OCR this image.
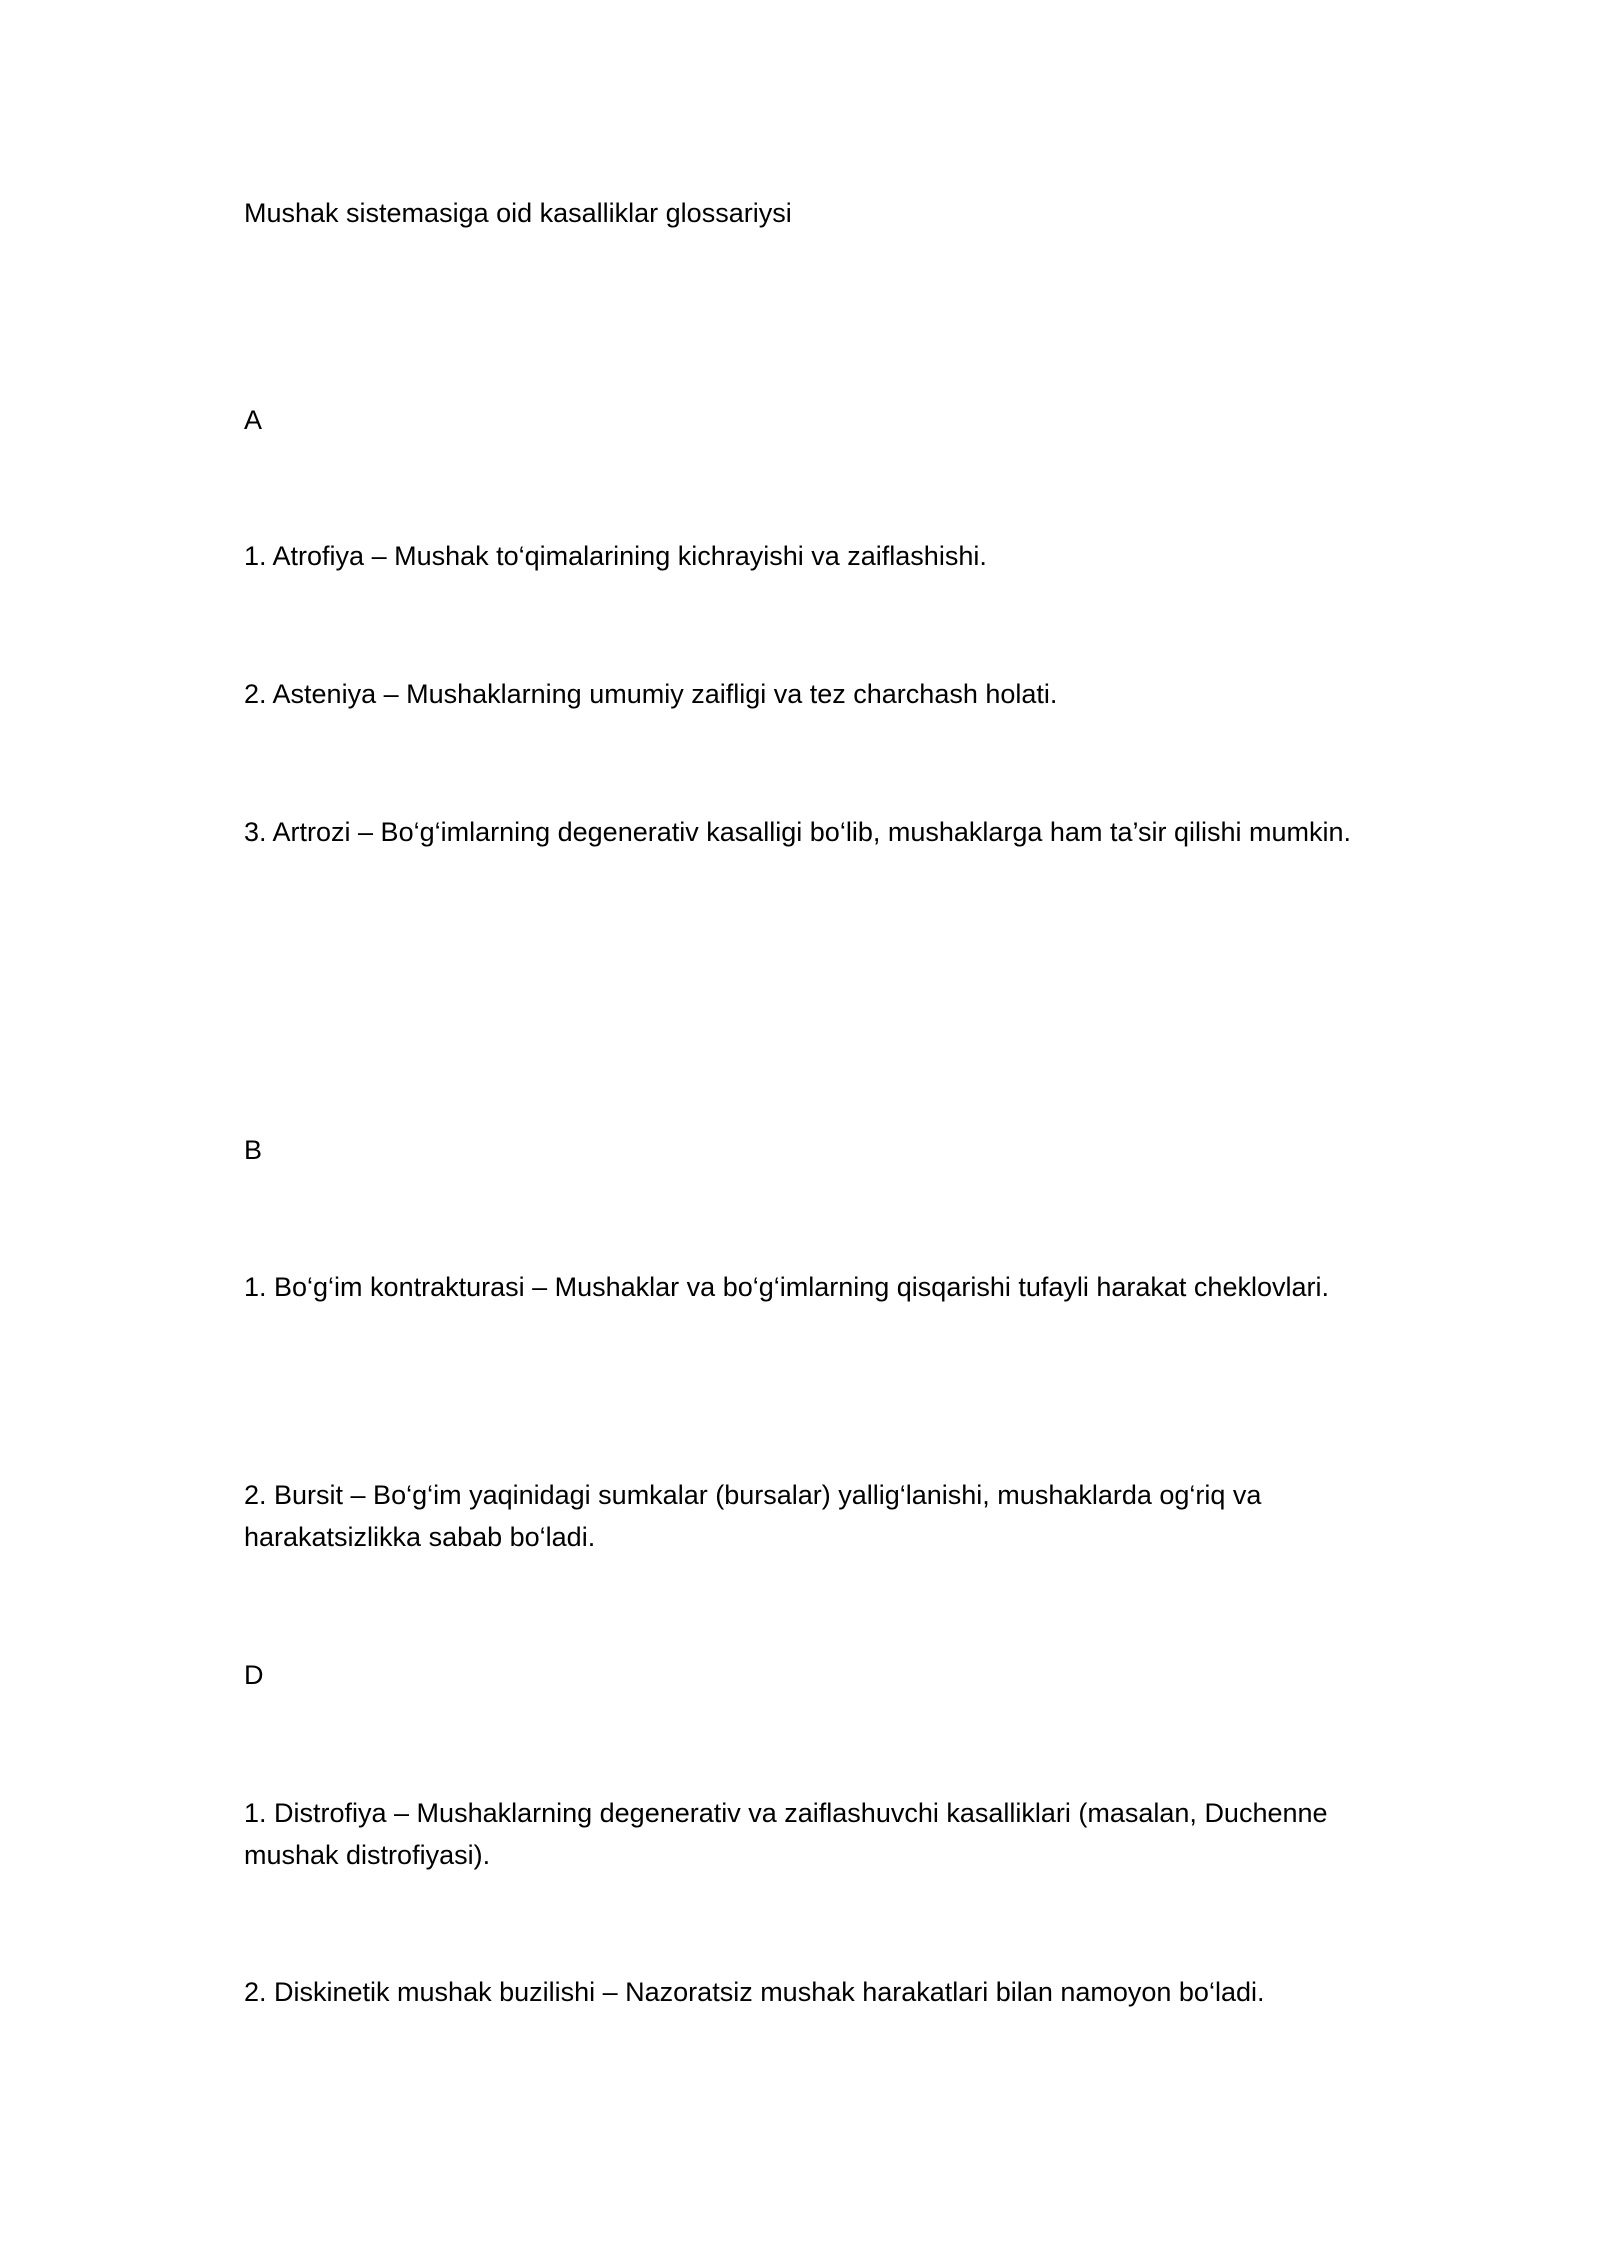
Mushak sistemasiga oid kasalliklar glossariysi

A

1. Atrofiya – Mushak to‘qimalarining kichrayishi va zaiflashishi.

2. Asteniya – Mushaklarning umumiy zaifligi va tez charchash holati.

3. Artrozi – Bo‘g‘imlarning degenerativ kasalligi bo‘lib, mushaklarga ham ta’sir qilishi mumkin.

B

1. Bo‘g‘im kontrakturasi – Mushaklar va bo‘g‘imlarning qisqarishi tufayli harakat cheklovlari.

2. Bursit – Bo‘g‘im yaqinidagi sumkalar (bursalar) yallig‘lanishi, mushaklarda og‘riq va harakatsizlikka sabab bo‘ladi.

D

1. Distrofiya – Mushaklarning degenerativ va zaiflashuvchi kasalliklari (masalan, Duchenne mushak distrofiyasi).

2. Diskinetik mushak buzilishi – Nazoratsiz mushak harakatlari bilan namoyon bo‘ladi.
